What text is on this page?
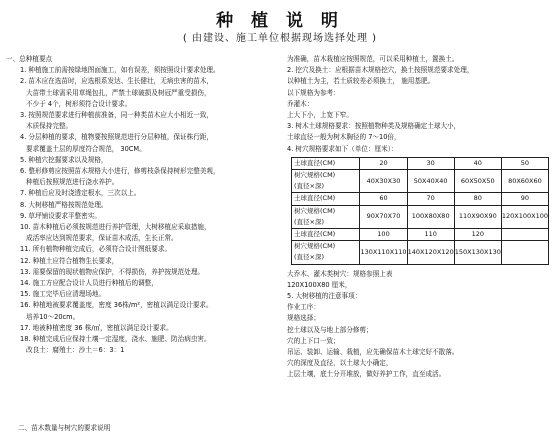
种 植 说 明
( 由建设、施工单位根据现场选择处理 )
一、总种植要点
1. 种植施工前需按绿地图面施工，如有误差，须按照设计要求处理。
2. 苗木应在选苗时，应选根系发达、生长健壮，无病虫害的苗木，
大苗带土球需采用草绳包扎，严禁土球破损及树冠严重受损伤，
不少于 4个，树形须符合设计要求。
3. 按照规范要求进行种植前准备，同一种类苗木应大小相近一致，
木质保持完整。
4. 分层种植的要求，植物要按照规范进行分层种植，保证株行距，
要求覆盖土层的厚度符合规范， 30CM。
5. 种植穴挖掘要求以及规格，
6. 整形修剪应按照苗木规格大小进行，修剪枝条保持树形完整美观，
种植后按照规范进行浇水养护。
7. 种植后应及时浇透定根水，三次以上。
8. 大树移植严格按规范处理。
9. 草坪铺设要求平整密实。
10. 苗木种植后必须按规范进行养护管理，大树移植应采取措施，
成活率应达到规范要求，保证苗木成活，生长正常。
11. 所有植物种植完成后，必须符合设计图纸要求。
12. 种植土应符合植物生长要求，
13. 需要保留的现状植物应保护，不得损伤，养护按规范处理。
14. 施工方应配合设计人员进行种植后的调整，
15. 施工完毕后应清理场地。
16. 种植地被要求覆盖度，密度 36株/m²，密植以满足设计要求。
培养10～20cm。
17. 地被种植密度 36 株/㎡，密植以满足设计要求。
18. 种植完成后应保持土壤一定湿度，浇水、施肥、防治病虫害。
改良土：腐殖土：沙土＝6：3：1
为准确，苗木栽植应按照规范，可以采用种植土，置换土。
2. 挖穴及换土：应根据苗木规格挖穴，换土按照规范要求处理，
以种植土为主，若土质较差必须换土， 施用基肥。
以下规格为参考：
乔灌木：
上大下小，上宽下窄。
3. 树木土球规格要求：按照植物种类及规格确定土球大小，
土球直径一般为树木胸径的 7～10倍，
4. 树穴规格要求如下（单位：厘米）：
土球直径(CM)	20	30	40	50
树穴规格(CM)
(直径×深)	40X30X30	50X40X40	60X50X50	80X60X60
土球直径(CM)	60	70	80	90
树穴规格(CM)
(直径×深)	90X70X70	100X80X80	110X90X90	120X100X100
土球直径(CM)	100	110	120	
树穴规格(CM)
(直径×深)	130X110X110	140X120X120	150X130X130	
大乔木、灌木类树穴：规格参照上表
120X100X80 厘米，
5. 大树移植的注意事项：
作业工序：
规格选择；
挖土球以及与地上部分修剪；
穴的上下口一致；
吊运、装卸、运输、栽植，应先确保苗木土球完好不散落。
穴的深度及直径，以土球大小确定，
上层土壤，底土分开堆放，做好养护工作，直至成活。
二、苗木数量与树穴的要求说明
